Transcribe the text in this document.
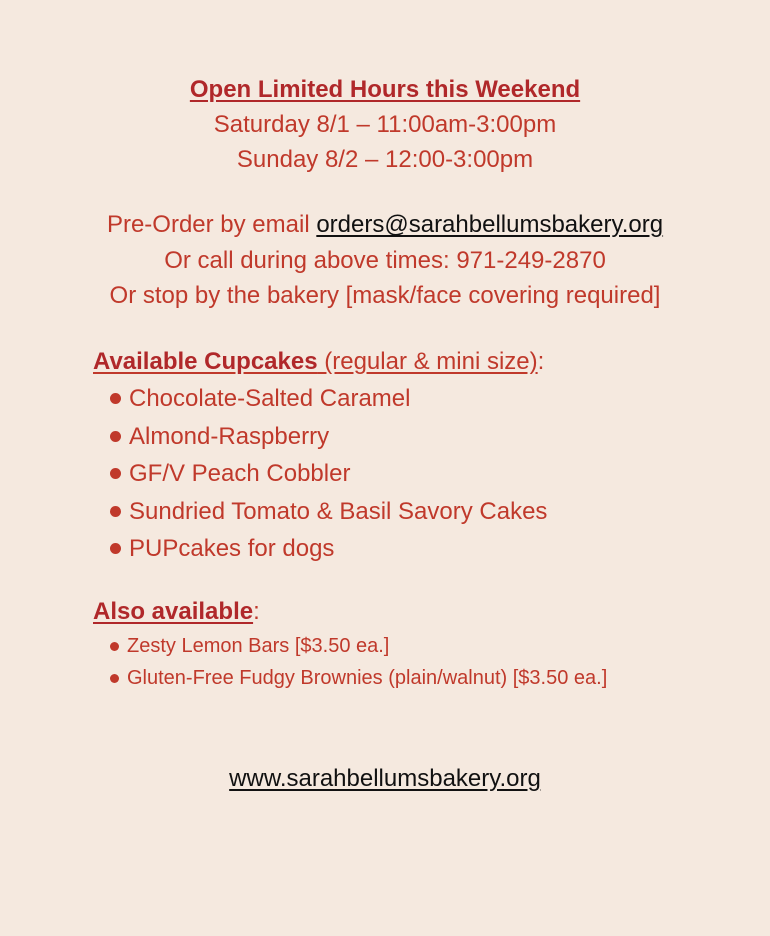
Open Limited Hours this Weekend
Saturday 8/1 – 11:00am-3:00pm
Sunday 8/2 – 12:00-3:00pm
Pre-Order by email orders@sarahbellumsbakery.org
Or call during above times: 971-249-2870
Or stop by the bakery [mask/face covering required]
Available Cupcakes (regular & mini size):
Chocolate-Salted Caramel
Almond-Raspberry
GF/V Peach Cobbler
Sundried Tomato & Basil Savory Cakes
PUPcakes for dogs
Also available:
Zesty Lemon Bars [$3.50 ea.]
Gluten-Free Fudgy Brownies (plain/walnut) [$3.50 ea.]
www.sarahbellumsbakery.org
